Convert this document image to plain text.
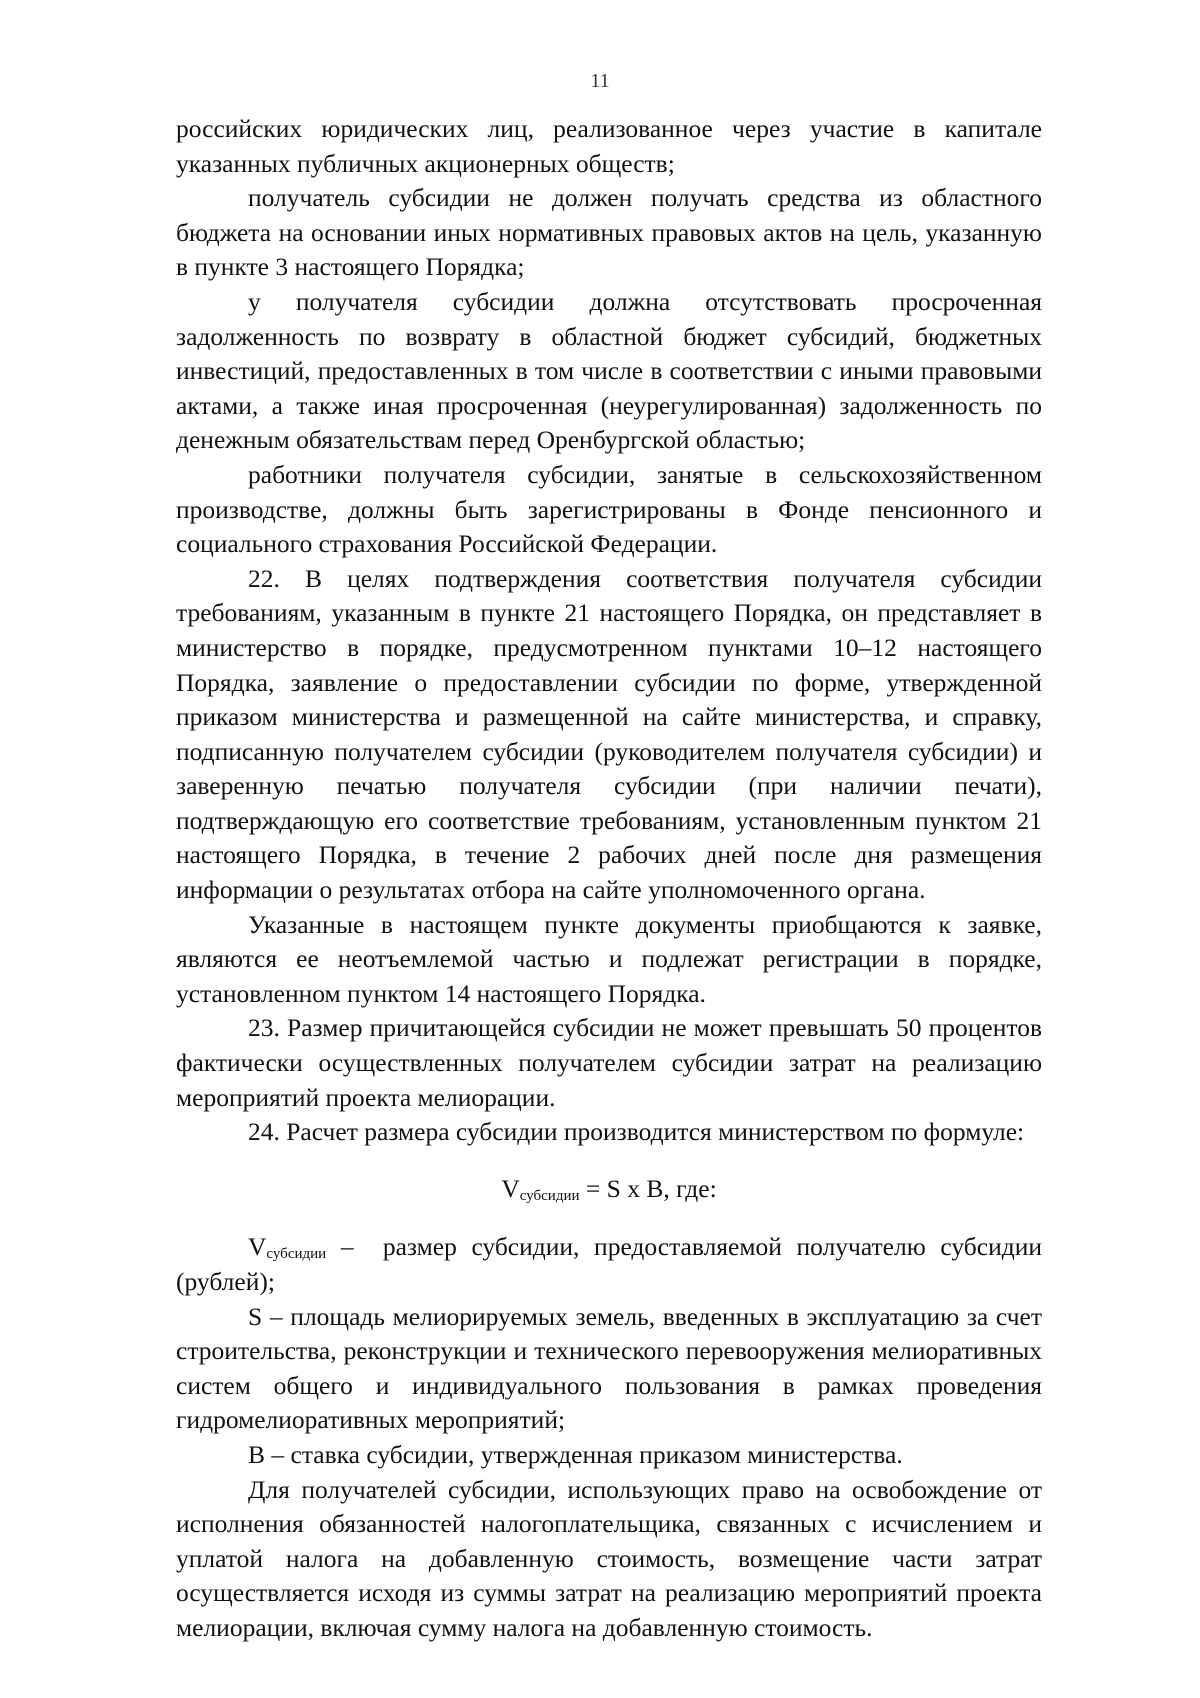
11

российских юридических лиц, реализованное через участие в капитале указанных публичных акционерных обществ;

получатель субсидии не должен получать средства из областного бюджета на основании иных нормативных правовых актов на цель, указанную в пункте 3 настоящего Порядка;

у получателя субсидии должна отсутствовать просроченная задолженность по возврату в областной бюджет субсидий, бюджетных инвестиций, предоставленных в том числе в соответствии с иными правовыми актами, а также иная просроченная (неурегулированная) задолженность по денежным обязательствам перед Оренбургской областью;

работники получателя субсидии, занятые в сельскохозяйственном производстве, должны быть зарегистрированы в Фонде пенсионного и социального страхования Российской Федерации.

22. В целях подтверждения соответствия получателя субсидии требованиям, указанным в пункте 21 настоящего Порядка, он представляет в министерство в порядке, предусмотренном пунктами 10–12 настоящего Порядка, заявление о предоставлении субсидии по форме, утвержденной приказом министерства и размещенной на сайте министерства, и справку, подписанную получателем субсидии (руководителем получателя субсидии) и заверенную печатью получателя субсидии (при наличии печати), подтверждающую его соответствие требованиям, установленным пунктом 21 настоящего Порядка, в течение 2 рабочих дней после дня размещения информации о результатах отбора на сайте уполномоченного органа.

Указанные в настоящем пункте документы приобщаются к заявке, являются ее неотъемлемой частью и подлежат регистрации в порядке, установленном пунктом 14 настоящего Порядка.

23. Размер причитающейся субсидии не может превышать 50 процентов фактически осуществленных получателем субсидии затрат на реализацию мероприятий проекта мелиорации.

24. Расчет размера субсидии производится министерством по формуле:

$V_{субсидии} = S$ x B, где:

$V_{субсидии}$ –  размер субсидии, предоставляемой получателю субсидии (рублей);

S – площадь мелиорируемых земель, введенных в эксплуатацию за счет строительства, реконструкции и технического перевооружения мелиоративных систем общего и индивидуального пользования в рамках проведения гидромелиоративных мероприятий;

B – ставка субсидии, утвержденная приказом министерства.

Для получателей субсидии, использующих право на освобождение от исполнения обязанностей налогоплательщика, связанных с исчислением и уплатой налога на добавленную стоимость, возмещение части затрат осуществляется исходя из суммы затрат на реализацию мероприятий проекта мелиорации, включая сумму налога на добавленную стоимость.
